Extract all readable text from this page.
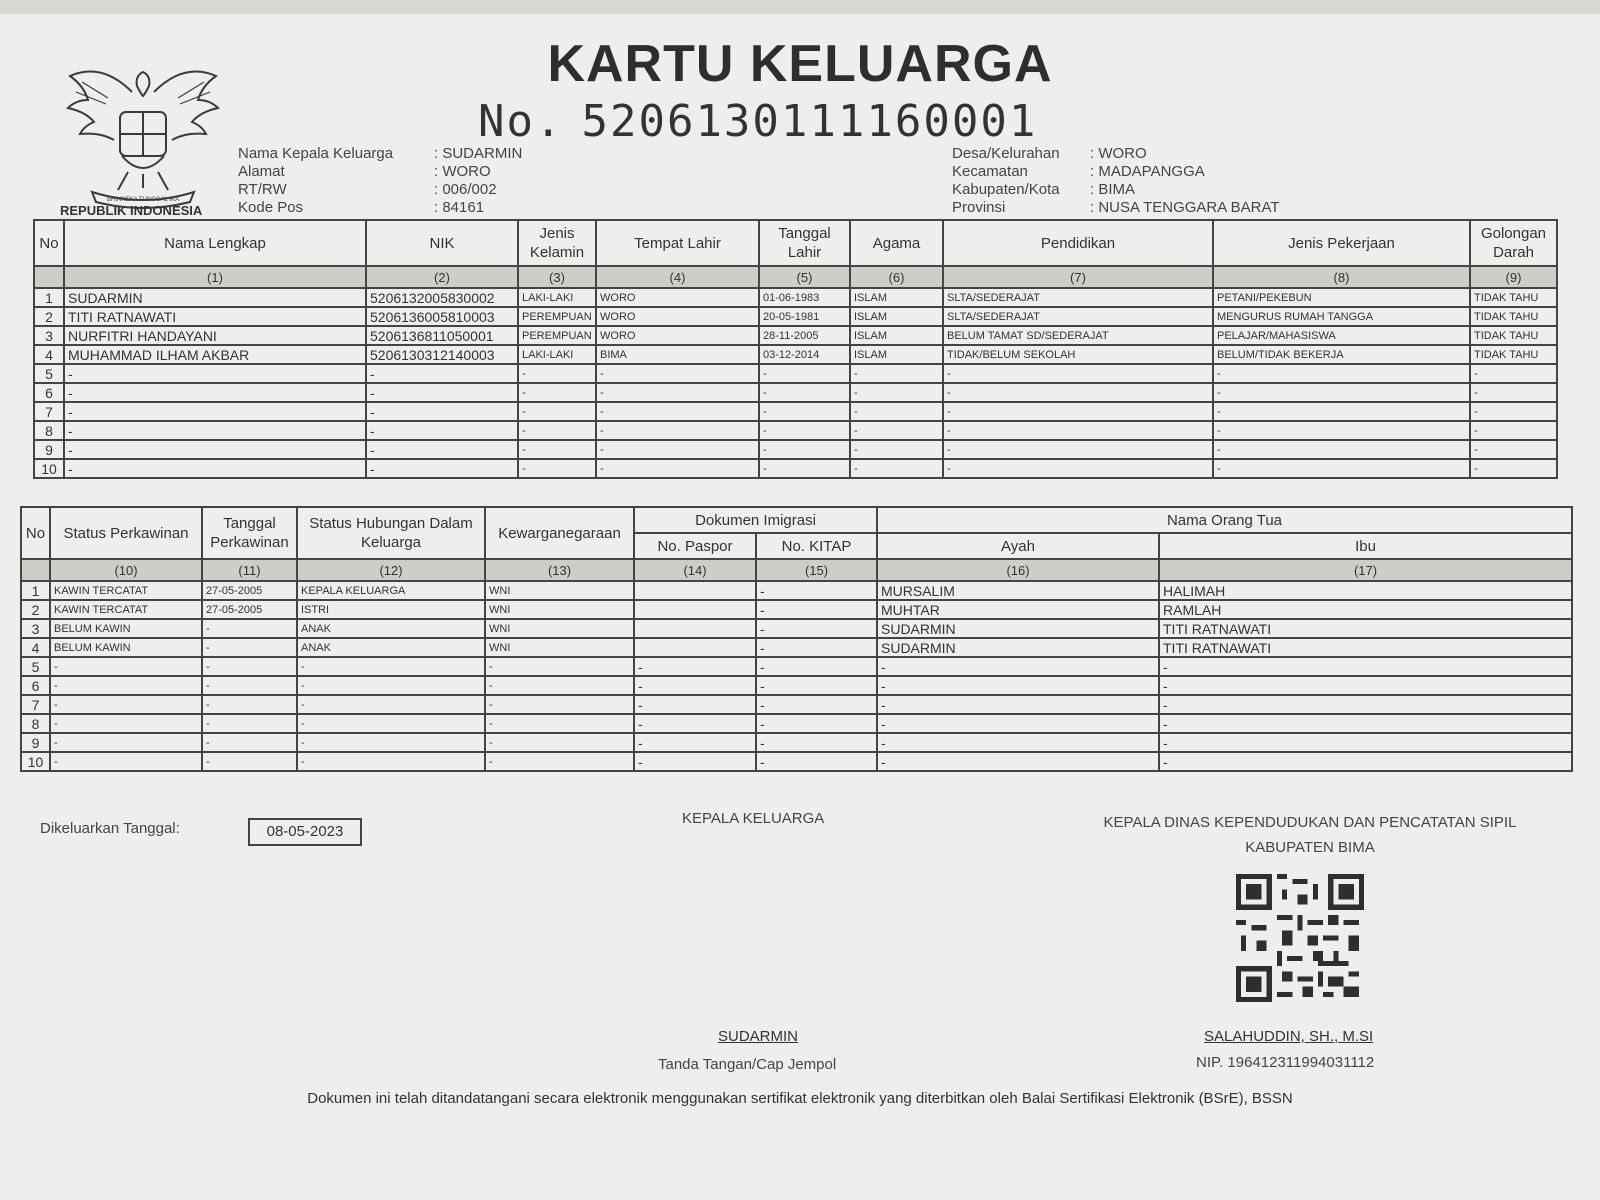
BHINNEKA TUNGGAL IKA
REPUBLIK INDONESIA
KARTU KELUARGA
No. 5206130111160001
Nama Kepala Keluarga	: SUDARMIN
Alamat	: WORO
RT/RW	: 006/002
Kode Pos	: 84161
Desa/Kelurahan	: WORO
Kecamatan	: MADAPANGGA
Kabupaten/Kota	: BIMA
Provinsi	: NUSA TENGGARA BARAT
No	Nama Lengkap	NIK	Jenis Kelamin	Tempat Lahir	Tanggal Lahir	Agama	Pendidikan	Jenis Pekerjaan	Golongan Darah
	(1)	(2)	(3)	(4)	(5)	(6)	(7)	(8)	(9)
1	SUDARMIN	5206132005830002	LAKI-LAKI	WORO	01-06-1983	ISLAM	SLTA/SEDERAJAT	PETANI/PEKEBUN	TIDAK TAHU
2	TITI RATNAWATI	5206136005810003	PEREMPUAN	WORO	20-05-1981	ISLAM	SLTA/SEDERAJAT	MENGURUS RUMAH TANGGA	TIDAK TAHU
3	NURFITRI HANDAYANI	5206136811050001	PEREMPUAN	WORO	28-11-2005	ISLAM	BELUM TAMAT SD/SEDERAJAT	PELAJAR/MAHASISWA	TIDAK TAHU
4	MUHAMMAD ILHAM AKBAR	5206130312140003	LAKI-LAKI	BIMA	03-12-2014	ISLAM	TIDAK/BELUM SEKOLAH	BELUM/TIDAK BEKERJA	TIDAK TAHU
5	-	-	-	-	-	-	-	-	-
6	-	-	-	-	-	-	-	-	-
7	-	-	-	-	-	-	-	-	-
8	-	-	-	-	-	-	-	-	-
9	-	-	-	-	-	-	-	-	-
10	-	-	-	-	-	-	-	-	-
No	Status Perkawinan	Tanggal Perkawinan	Status Hubungan Dalam Keluarga	Kewarganegaraan	Dokumen Imigrasi		Nama Orang Tua	
					No. Paspor	No. KITAP	Ayah	Ibu
	(10)	(11)	(12)	(13)	(14)	(15)	(16)	(17)
1	KAWIN TERCATAT	27-05-2005	KEPALA KELUARGA	WNI		-	MURSALIM	HALIMAH
2	KAWIN TERCATAT	27-05-2005	ISTRI	WNI		-	MUHTAR	RAMLAH
3	BELUM KAWIN	-	ANAK	WNI		-	SUDARMIN	TITI RATNAWATI
4	BELUM KAWIN	-	ANAK	WNI		-	SUDARMIN	TITI RATNAWATI
5	-	-	-	-	-	-	-	-
6	-	-	-	-	-	-	-	-
7	-	-	-	-	-	-	-	-
8	-	-	-	-	-	-	-	-
9	-	-	-	-	-	-	-	-
10	-	-	-	-	-	-	-	-
Dikeluarkan Tanggal:	08-05-2023
KEPALA KELUARGA	KEPALA DINAS KEPENDUDUKAN DAN PENCATATAN SIPIL
KABUPATEN BIMA
SUDARMIN
Tanda Tangan/Cap Jempol
SALAHUDDIN, SH., M.SI
NIP. 196412311994031112
Dokumen ini telah ditandatangani secara elektronik menggunakan sertifikat elektronik yang diterbitkan oleh Balai Sertifikasi Elektronik (BSrE), BSSN
